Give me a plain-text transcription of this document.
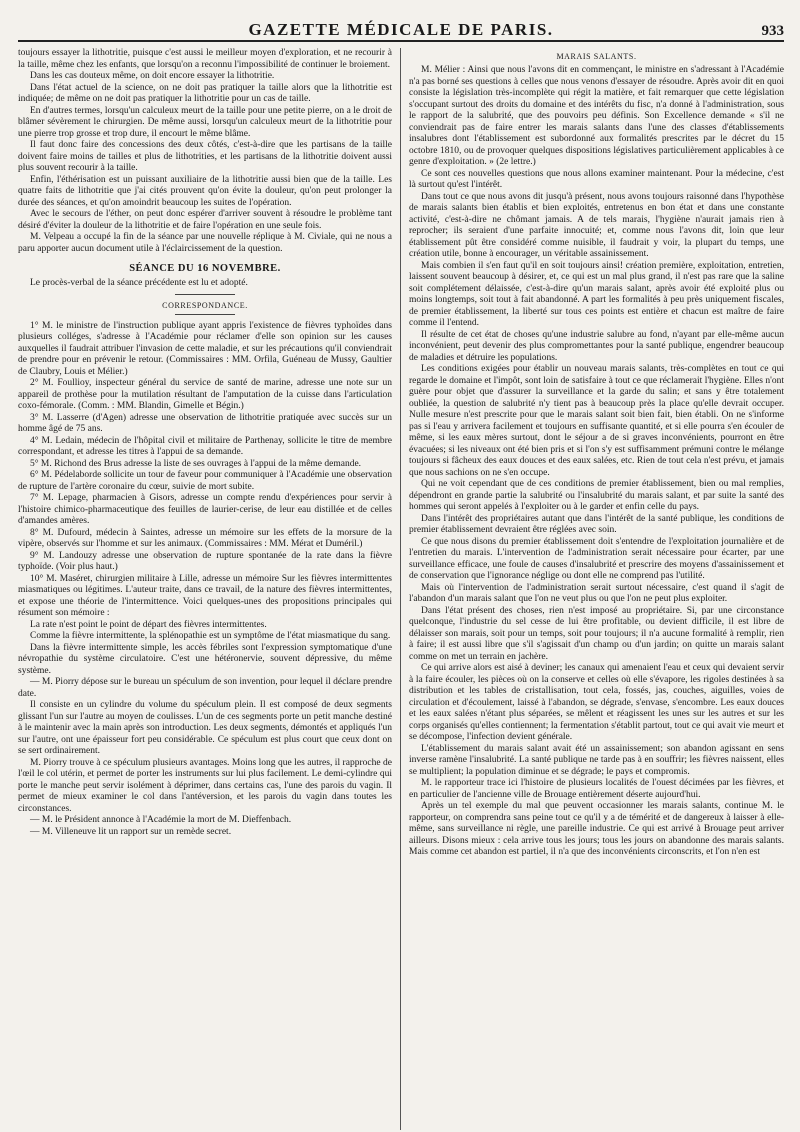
GAZETTE MÉDICALE DE PARIS.	933

toujours essayer la lithotritie, puisque c'est aussi le meilleur moyen d'exploration, et ne recourir à la taille, même chez les enfants, que lorsqu'on a reconnu l'impossibilité de continuer le broiement.

Dans les cas douteux même, on doit encore essayer la lithotritie.

Dans l'état actuel de la science, on ne doit pas pratiquer la taille alors que la lithotritie est indiquée; de même on ne doit pas pratiquer la lithotritie pour un cas de taille.

En d'autres termes, lorsqu'un calculeux meurt de la taille pour une petite pierre, on a le droit de blâmer sévèrement le chirurgien. De même aussi, lorsqu'un calculeux meurt de la lithotritie pour une pierre trop grosse et trop dure, il encourt le même blâme.

Il faut donc faire des concessions des deux côtés, c'est-à-dire que les partisans de la taille doivent faire moins de tailles et plus de lithotrities, et les partisans de la lithotritie doivent aussi plus souvent recourir à la taille.

Enfin, l'éthérisation est un puissant auxiliaire de la lithotritie aussi bien que de la taille. Les quatre faits de lithotritie que j'ai cités prouvent qu'on évite la douleur, qu'on peut prolonger la durée des séances, et qu'on amoindrit beaucoup les suites de l'opération.

Avec le secours de l'éther, on peut donc espérer d'arriver souvent à résoudre le problème tant désiré d'éviter la douleur de la lithotritie et de faire l'opération en une seule fois.

M. Velpeau a occupé la fin de la séance par une nouvelle réplique à M. Civiale, qui ne nous a paru apporter aucun document utile à l'éclaircissement de la question.

SÉANCE DU 16 NOVEMBRE.

Le procès-verbal de la séance précédente est lu et adopté.

CORRESPONDANCE.

1° M. le ministre de l'instruction publique ayant appris l'existence de fièvres typhoïdes dans plusieurs colléges, s'adresse à l'Académie pour réclamer d'elle son opinion sur les causes auxquelles il faudrait attribuer l'invasion de cette maladie, et sur les précautions qu'il conviendrait de prendre pour en prévenir le retour. (Commissaires : MM. Orfila, Guéneau de Mussy, Gaultier de Claubry, Louis et Mélier.)

2° M. Foullioy, inspecteur général du service de santé de marine, adresse une note sur un appareil de prothèse pour la mutilation résultant de l'amputation de la cuisse dans l'articulation coxo-fémorale. (Comm. : MM. Blandin, Gimelle et Bégin.)

3° M. Lasserre (d'Agen) adresse une observation de lithotritie pratiquée avec succès sur un homme âgé de 75 ans.

4° M. Ledain, médecin de l'hôpital civil et militaire de Parthenay, sollicite le titre de membre correspondant, et adresse les titres à l'appui de sa demande.

5° M. Richond des Brus adresse la liste de ses ouvrages à l'appui de la même demande.

6° M. Pédelaborde sollicite un tour de faveur pour communiquer à l'Académie une observation de rupture de l'artère coronaire du cœur, suivie de mort subite.

7° M. Lepage, pharmacien à Gisors, adresse un compte rendu d'expériences pour servir à l'histoire chimico-pharmaceutique des feuilles de laurier-cerise, de leur eau distillée et de celles d'amandes amères.

8° M. Dufourd, médecin à Saintes, adresse un mémoire sur les effets de la morsure de la vipère, observés sur l'homme et sur les animaux. (Commissaires : MM. Mérat et Duméril.)

9° M. Landouzy adresse une observation de rupture spontanée de la rate dans la fièvre typhoïde. (Voir plus haut.)

10° M. Maséret, chirurgien militaire à Lille, adresse un mémoire Sur les fièvres intermittentes miasmatiques ou légitimes. L'auteur traite, dans ce travail, de la nature des fièvres intermittentes, et expose une théorie de l'intermittence. Voici quelques-unes des propositions principales qui résument son mémoire :

La rate n'est point le point de départ des fièvres intermittentes.

Comme la fièvre intermittente, la splénopathie est un symptôme de l'état miasmatique du sang.

Dans la fièvre intermittente simple, les accès fébriles sont l'expression symptomatique d'une névropathie du système circulatoire. C'est une hétéronervie, souvent dépressive, du même système.

— M. Piorry dépose sur le bureau un spéculum de son invention, pour lequel il déclare prendre date.

Il consiste en un cylindre du volume du spéculum plein. Il est composé de deux segments glissant l'un sur l'autre au moyen de coulisses. L'un de ces segments porte un petit manche destiné à le maintenir avec la main après son introduction. Les deux segments, démontés et appliqués l'un sur l'autre, ont une épaisseur fort peu considérable. Ce spéculum est plus court que ceux dont on se sert ordinairement.

M. Piorry trouve à ce spéculum plusieurs avantages. Moins long que les autres, il rapproche de l'œil le col utérin, et permet de porter les instruments sur lui plus facilement. Le demi-cylindre qui porte le manche peut servir isolément à déprimer, dans certains cas, l'une des parois du vagin. Il permet de mieux examiner le col dans l'antéversion, et les parois du vagin dans toutes les circonstances.

— M. le Président annonce à l'Académie la mort de M. Dieffenbach.

— M. Villeneuve lit un rapport sur un remède secret.

MARAIS SALANTS.

M. Mélier : Ainsi que nous l'avons dit en commençant, le ministre en s'adressant à l'Académie n'a pas borné ses questions à celles que nous venons d'essayer de résoudre. Après avoir dit en quoi consiste la législation très-incomplète qui régit la matière, et fait remarquer que cette législation s'occupant surtout des droits du domaine et des intérêts du fisc, n'a donné à l'administration, sous le rapport de la salubrité, que des pouvoirs peu définis. Son Excellence demande « s'il ne conviendrait pas de faire entrer les marais salants dans l'une des classes d'établissements insalubres dont l'établissement est subordonné aux formalités prescrites par le décret du 15 octobre 1810, ou de provoquer quelques dispositions législatives particulièrement applicables à ce genre d'exploitation. » (2e lettre.)

Ce sont ces nouvelles questions que nous allons examiner maintenant. Pour la médecine, c'est là surtout qu'est l'intérêt.

Dans tout ce que nous avons dit jusqu'à présent, nous avons toujours raisonné dans l'hypothèse de marais salants bien établis et bien exploités, entretenus en bon état et dans une constante activité, c'est-à-dire ne chômant jamais. A de tels marais, l'hygiène n'aurait jamais rien à reprocher; ils seraient d'une parfaite innocuité; et, comme nous l'avons dit, loin que leur établissement pût être considéré comme nuisible, il faudrait y voir, la plupart du temps, une création utile, bonne à encourager, un véritable assainissement.

Mais combien il s'en faut qu'il en soit toujours ainsi! création première, exploitation, entretien, laissent souvent beaucoup à désirer, et, ce qui est un mal plus grand, il n'est pas rare que la saline soit complétement délaissée, c'est-à-dire qu'un marais salant, après avoir été exploité plus ou moins longtemps, soit tout à fait abandonné. A part les formalités à peu près uniquement fiscales, de premier établissement, la liberté sur tous ces points est entière et chacun est maître de faire comme il l'entend.

Il résulte de cet état de choses qu'une industrie salubre au fond, n'ayant par elle-même aucun inconvénient, peut devenir des plus compromettantes pour la santé publique, engendrer beaucoup de maladies et détruire les populations.

Les conditions exigées pour établir un nouveau marais salants, très-complètes en tout ce qui regarde le domaine et l'impôt, sont loin de satisfaire à tout ce que réclamerait l'hygiène. Elles n'ont guère pour objet que d'assurer la surveillance et la garde du salin; et sans y être totalement oubliée, la question de salubrité n'y tient pas à beaucoup près la place qu'elle devrait occuper. Nulle mesure n'est prescrite pour que le marais salant soit bien fait, bien établi. On ne s'informe pas si l'eau y arrivera facilement et toujours en suffisante quantité, et si elle pourra s'en écouler de même, si les eaux mères surtout, dont le séjour a de si graves inconvénients, pourront en être évacuées; si les niveaux ont été bien pris et si l'on s'y est suffisamment prémuni contre le mélange toujours si fâcheux des eaux douces et des eaux salées, etc. Rien de tout cela n'est prévu, et jamais que nous sachions on ne s'en occupe.

Qui ne voit cependant que de ces conditions de premier établissement, bien ou mal remplies, dépendront en grande partie la salubrité ou l'insalubrité du marais salant, et par suite la santé des hommes qui seront appelés à l'exploiter ou à le garder et enfin celle du pays.

Dans l'intérêt des propriétaires autant que dans l'intérêt de la santé publique, les conditions de premier établissement devraient être réglées avec soin.

Ce que nous disons du premier établissement doit s'entendre de l'exploitation journalière et de l'entretien du marais. L'intervention de l'administration serait nécessaire pour écarter, par une surveillance efficace, une foule de causes d'insalubrité et prescrire des moyens d'assainissement et de conservation que l'ignorance néglige ou dont elle ne comprend pas l'utilité.

Mais où l'intervention de l'administration serait surtout nécessaire, c'est quand il s'agit de l'abandon d'un marais salant que l'on ne veut plus ou que l'on ne peut plus exploiter.

Dans l'état présent des choses, rien n'est imposé au propriétaire. Si, par une circonstance quelconque, l'industrie du sel cesse de lui être profitable, ou devient difficile, il est libre de délaisser son marais, soit pour un temps, soit pour toujours; il n'a aucune formalité à remplir, rien à faire; il est aussi libre que s'il s'agissait d'un champ ou d'un jardin; on quitte un marais salant comme on met un terrain en jachère.

Ce qui arrive alors est aisé à deviner; les canaux qui amenaient l'eau et ceux qui devaient servir à la faire écouler, les pièces où on la conserve et celles où elle s'évapore, les rigoles destinées à sa distribution et les tables de cristallisation, tout cela, fossés, jas, couches, aiguilles, voies de circulation et d'écoulement, laissé à l'abandon, se dégrade, s'envase, s'encombre. Les eaux douces et les eaux salées n'étant plus séparées, se mêlent et réagissent les unes sur les autres et sur les corps organisés qu'elles contiennent; la fermentation s'établit partout, tout ce qui avait vie meurt et se décompose, l'infection devient générale.

L'établissement du marais salant avait été un assainissement; son abandon agissant en sens inverse ramène l'insalubrité. La santé publique ne tarde pas à en souffrir; les fièvres naissent, elles se multiplient; la population diminue et se dégrade; le pays et compromis.

M. le rapporteur trace ici l'histoire de plusieurs localités de l'ouest décimées par les fièvres, et en particulier de l'ancienne ville de Brouage entièrement déserte aujourd'hui.

Après un tel exemple du mal que peuvent occasionner les marais salants, continue M. le rapporteur, on comprendra sans peine tout ce qu'il y a de témérité et de dangereux à laisser à elle-même, sans surveillance ni règle, une pareille industrie. Ce qui est arrivé à Brouage peut arriver ailleurs. Disons mieux : cela arrive tous les jours; tous les jours on abandonne des marais salants. Mais comme cet abandon est partiel, il n'a que des inconvénients circonscrits, et l'on n'en est
